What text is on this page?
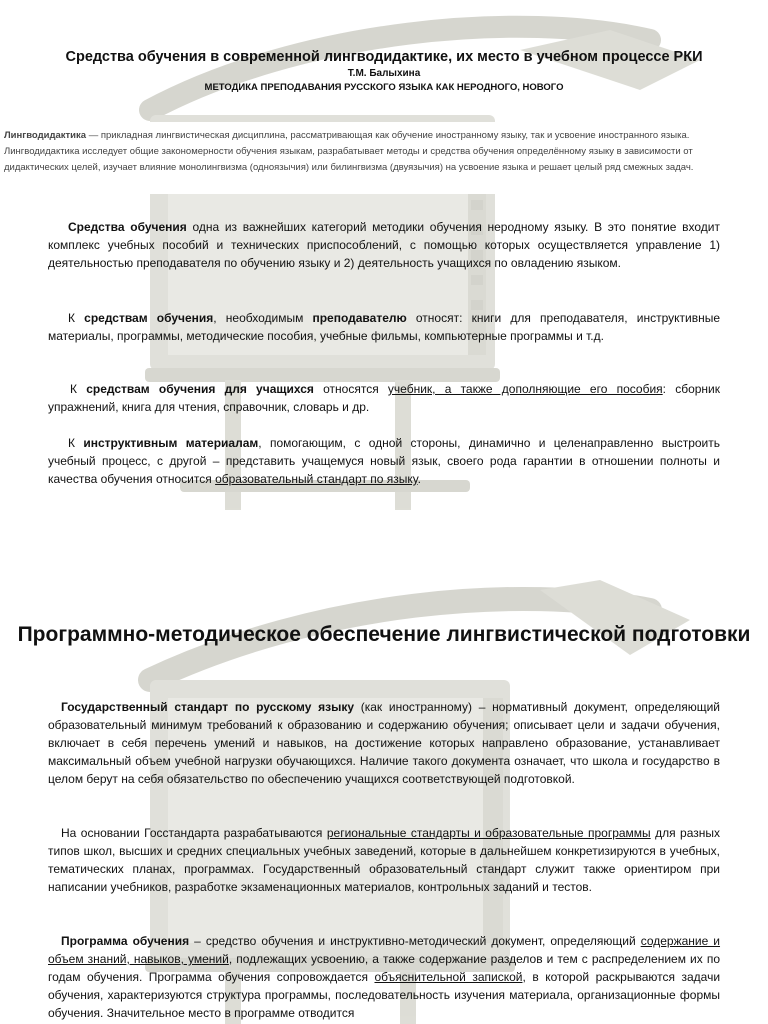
Средства обучения в современной лингводидактике, их место в учебном процессе РКИ
Т.М. Балыхина
МЕТОДИКА ПРЕПОДАВАНИЯ РУССКОГО ЯЗЫКА КАК НЕРОДНОГО, НОВОГО
Лингводидактика — прикладная лингвистическая дисциплина, рассматривающая как обучение иностранному языку, так и усвоение иностранного языка.
Лингводидактика исследует общие закономерности обучения языкам, разрабатывает методы и средства обучения определённому языку в зависимости от
дидактических целей, изучает влияние монолингвизма (одноязычия) или билингвизма (двуязычия) на усвоение языка и решает целый ряд смежных задач.
Средства обучения одна из важнейших категорий методики обучения неродному языку. В это понятие входит комплекс учебных пособий и технических приспособлений, с помощью которых осуществляется управление 1) деятельностью преподавателя по обучению языку и 2) деятельность учащихся по овладению языком.
К средствам обучения, необходимым преподавателю относят: книги для преподавателя, инструктивные материалы, программы, методические пособия, учебные фильмы, компьютерные программы и т.д.
К средствам обучения для учащихся относятся учебник, а также дополняющие его пособия: сборник упражнений, книга для чтения, справочник, словарь и др.
К инструктивным материалам, помогающим, с одной стороны, динамично и целенаправленно выстроить учебный процесс, с другой – представить учащемуся новый язык, своего рода гарантии в отношении полноты и качества обучения относится образовательный стандарт по языку.
Программно-методическое обеспечение лингвистической подготовки
Государственный стандарт по русскому языку (как иностранному) – нормативный документ, определяющий образовательный минимум требований к образованию и содержанию обучения; описывает цели и задачи обучения, включает в себя перечень умений и навыков, на достижение которых направлено образование, устанавливает максимальный объем учебной нагрузки обучающихся. Наличие такого документа означает, что школа и государство в целом берут на себя обязательство по обеспечению учащихся соответствующей подготовкой.
На основании Госстандарта разрабатываются региональные стандарты и образовательные программы для разных типов школ, высших и средних специальных учебных заведений, которые в дальнейшем конкретизируются в учебных, тематических планах, программах. Государственный образовательный стандарт служит также ориентиром при написании учебников, разработке экзаменационных материалов, контрольных заданий и тестов.
Программа обучения – средство обучения и инструктивно-методический документ, определяющий содержание и объем знаний, навыков, умений, подлежащих усвоению, а также содержание разделов и тем с распределением их по годам обучения. Программа обучения сопровождается объяснительной запиской, в которой раскрываются задачи обучения, характеризуются структура программы, последовательность изучения материала, организационные формы обучения. Значительное место в программе отводится
